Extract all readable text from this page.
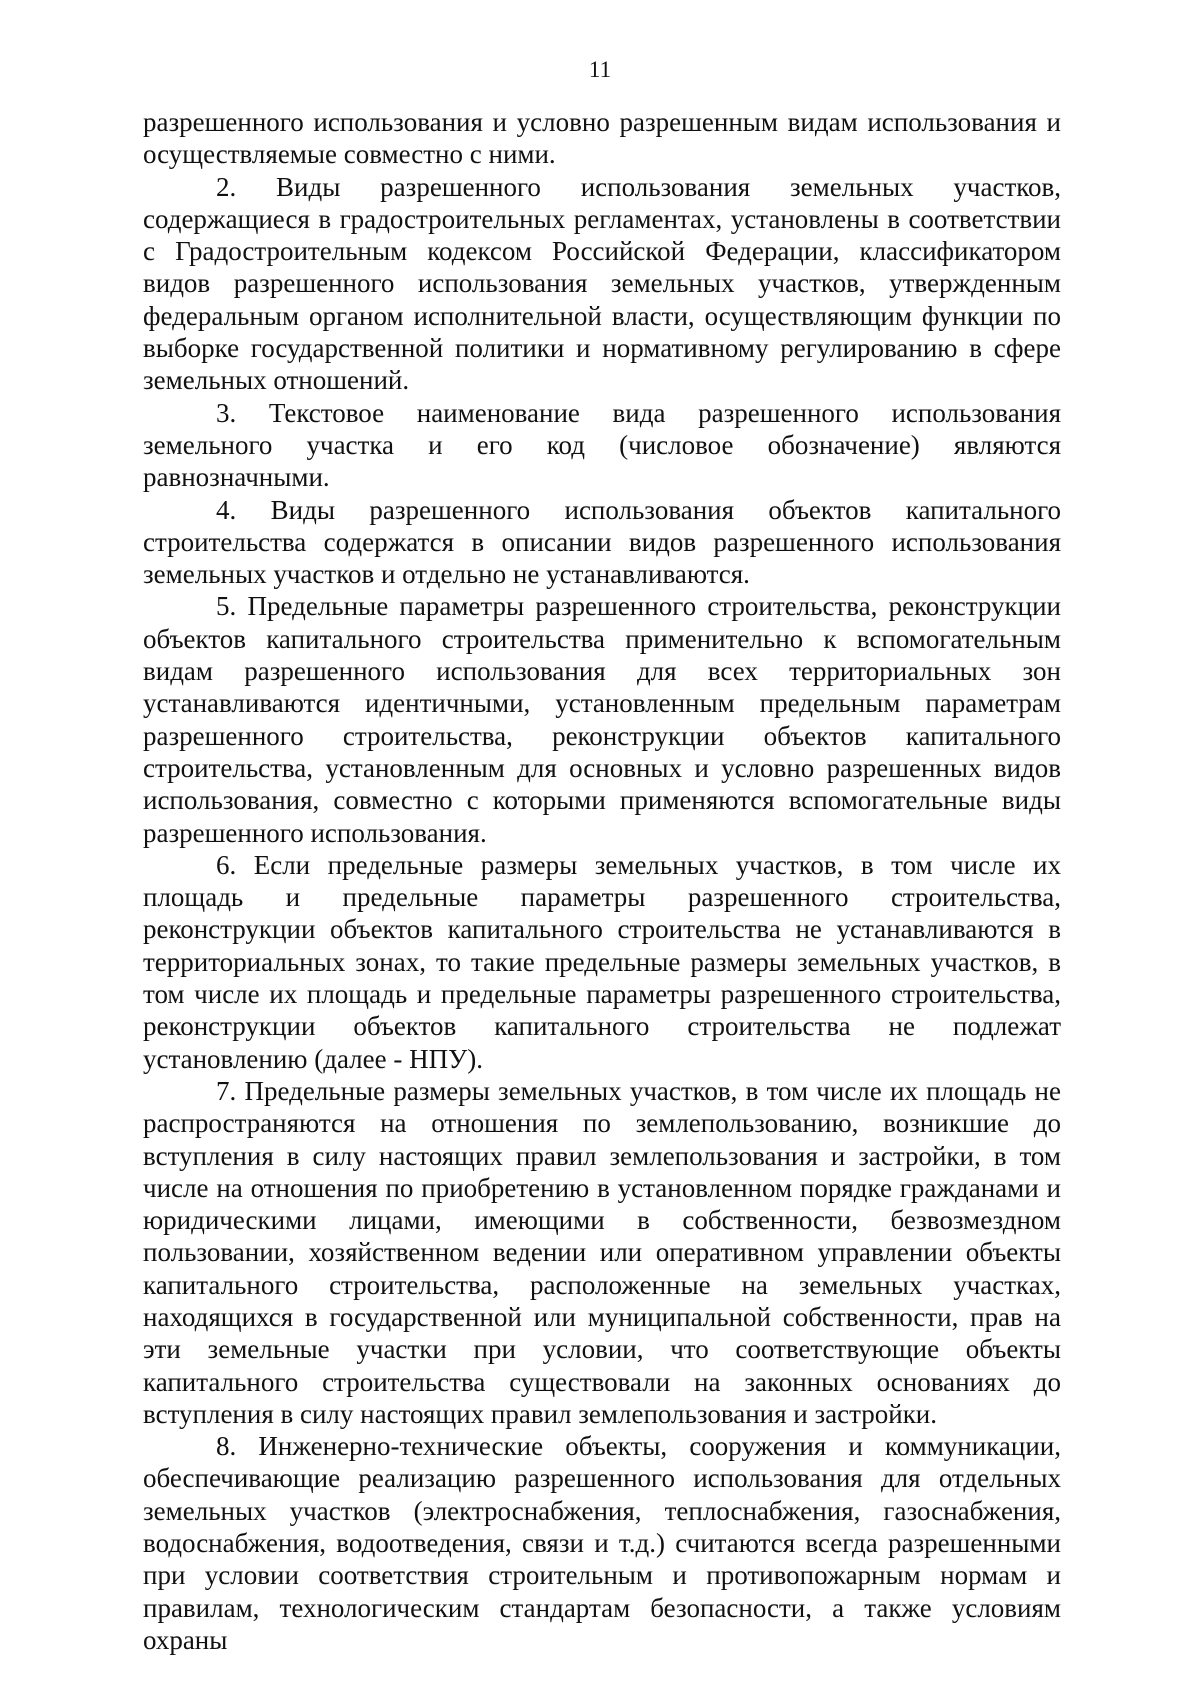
11

разрешенного использования и условно разрешенным видам использования и осуществляемые совместно с ними.

2. Виды разрешенного использования земельных участков, содержащиеся в градостроительных регламентах, установлены в соответствии с Градостроительным кодексом Российской Федерации, классификатором видов разрешенного использования земельных участков, утвержденным федеральным органом исполнительной власти, осуществляющим функции по выборке государственной политики и нормативному регулированию в сфере земельных отношений.

3. Текстовое наименование вида разрешенного использования земельного участка и его код (числовое обозначение) являются равнозначными.

4. Виды разрешенного использования объектов капитального строительства содержатся в описании видов разрешенного использования земельных участков и отдельно не устанавливаются.

5. Предельные параметры разрешенного строительства, реконструкции объектов капитального строительства применительно к вспомогательным видам разрешенного использования для всех территориальных зон устанавливаются идентичными, установленным предельным параметрам разрешенного строительства, реконструкции объектов капитального строительства, установленным для основных и условно разрешенных видов использования, совместно с которыми применяются вспомогательные виды разрешенного использования.

6. Если предельные размеры земельных участков, в том числе их площадь и предельные параметры разрешенного строительства, реконструкции объектов капитального строительства не устанавливаются в территориальных зонах, то такие предельные размеры земельных участков, в том числе их площадь и предельные параметры разрешенного строительства, реконструкции объектов капитального строительства не подлежат установлению (далее - НПУ).

7. Предельные размеры земельных участков, в том числе их площадь не распространяются на отношения по землепользованию, возникшие до вступления в силу настоящих правил землепользования и застройки, в том числе на отношения по приобретению в установленном порядке гражданами и юридическими лицами, имеющими в собственности, безвозмездном пользовании, хозяйственном ведении или оперативном управлении объекты капитального строительства, расположенные на земельных участках, находящихся в государственной или муниципальной собственности, прав на эти земельные участки при условии, что соответствующие объекты капитального строительства существовали на законных основаниях до вступления в силу настоящих правил землепользования и застройки.

8. Инженерно-технические объекты, сооружения и коммуникации, обеспечивающие реализацию разрешенного использования для отдельных земельных участков (электроснабжения, теплоснабжения, газоснабжения, водоснабжения, водоотведения, связи и т.д.) считаются всегда разрешенными при условии соответствия строительным и противопожарным нормам и правилам, технологическим стандартам безопасности, а также условиям охраны
